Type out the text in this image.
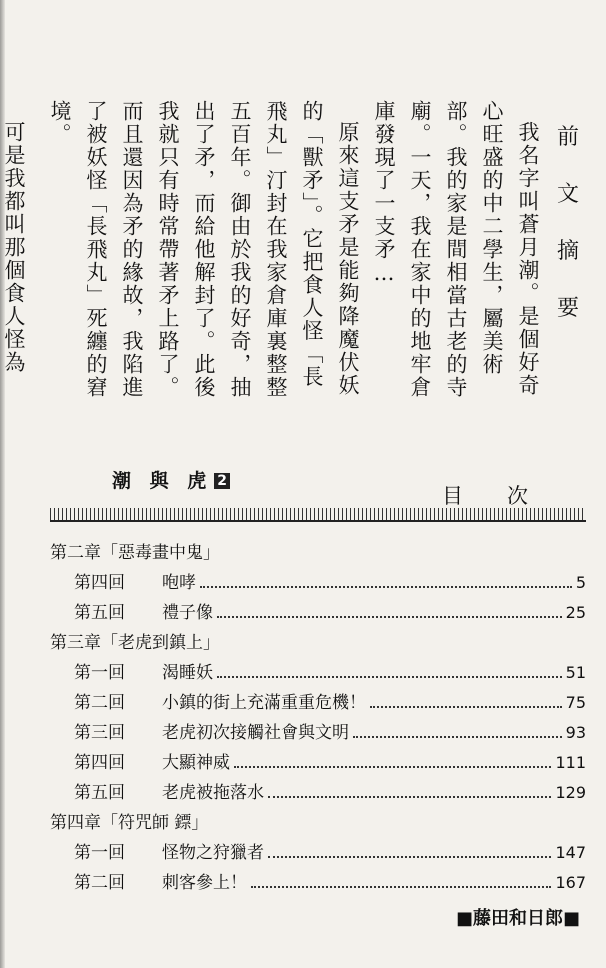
前
文
摘
要

我名字叫蒼月潮。是個好奇心旺盛的中二學生，屬美術部。我的家是間相當古老的寺廟。一天，我在家中的地牢倉庫發現了一支矛…

原來這支矛是能夠降魔伏妖的「獸矛」。它把食人怪「長飛丸」汀封在我家倉庫裏整整五百年。御由於我的好奇，抽出了矛，而給他解封了。此後我就只有時常帶著矛上路了。而且還因為矛的緣故，我陷進了被妖怪「長飛丸」死纏的窘境。

可是我都叫那個食人怪為

潮 與 虎 2
目次
第二章「惡毒畫中鬼」
第四回	咆哮	5
第五回	禮子像	25
第三章「老虎到鎮上」
第一回	渴睡妖	51
第二回	小鎮的街上充滿重重危機！	75
第三回	老虎初次接觸社會與文明	93
第四回	大顯神威	111
第五回	老虎被拖落水	129
第四章「符咒師 鏢」
第一回	怪物之狩獵者	147
第二回	刺客參上！	167
■藤田和日郎■
